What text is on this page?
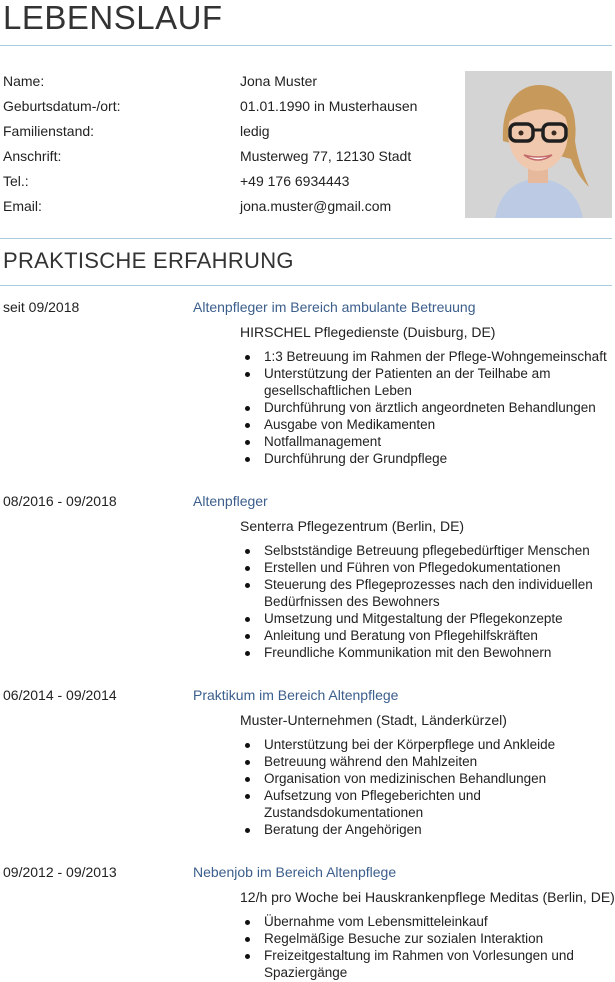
LEBENSLAUF
Name:	Jona Muster
Geburtsdatum-/ort:	01.01.1990 in Musterhausen
Familienstand:	ledig
Anschrift:	Musterweg 77, 12130 Stadt
Tel.:	+49 176 6934443
Email:	jona.muster@gmail.com
PRAKTISCHE ERFAHRUNG
seit 09/2018	Altenpfleger im Bereich ambulante Betreuung
HIRSCHEL Pflegedienste (Duisburg, DE)
1:3 Betreuung im Rahmen der Pflege-Wohngemeinschaft
Unterstützung der Patienten an der Teilhabe am gesellschaftlichen Leben
Durchführung von ärztlich angeordneten Behandlungen
Ausgabe von Medikamenten
Notfallmanagement
Durchführung der Grundpflege
08/2016 - 09/2018	Altenpfleger
Senterra Pflegezentrum (Berlin, DE)
Selbstständige Betreuung pflegebedürftiger Menschen
Erstellen und Führen von Pflegedokumentationen
Steuerung des Pflegeprozesses nach den individuellen Bedürfnissen des Bewohners
Umsetzung und Mitgestaltung der Pflegekonzepte
Anleitung und Beratung von Pflegehilfskräften
Freundliche Kommunikation mit den Bewohnern
06/2014 - 09/2014	Praktikum im Bereich Altenpflege
Muster-Unternehmen (Stadt, Länderkürzel)
Unterstützung bei der Körperpflege und Ankleide
Betreuung während den Mahlzeiten
Organisation von medizinischen Behandlungen
Aufsetzung von Pflegeberichten und Zustandsdokumentationen
Beratung der Angehörigen
09/2012 - 09/2013	Nebenjob im Bereich Altenpflege
12/h pro Woche bei Hauskrankenpflege Meditas (Berlin, DE)
Übernahme vom Lebensmitteleinkauf
Regelmäßige Besuche zur sozialen Interaktion
Freizeitgestaltung im Rahmen von Vorlesungen und Spaziergänge
